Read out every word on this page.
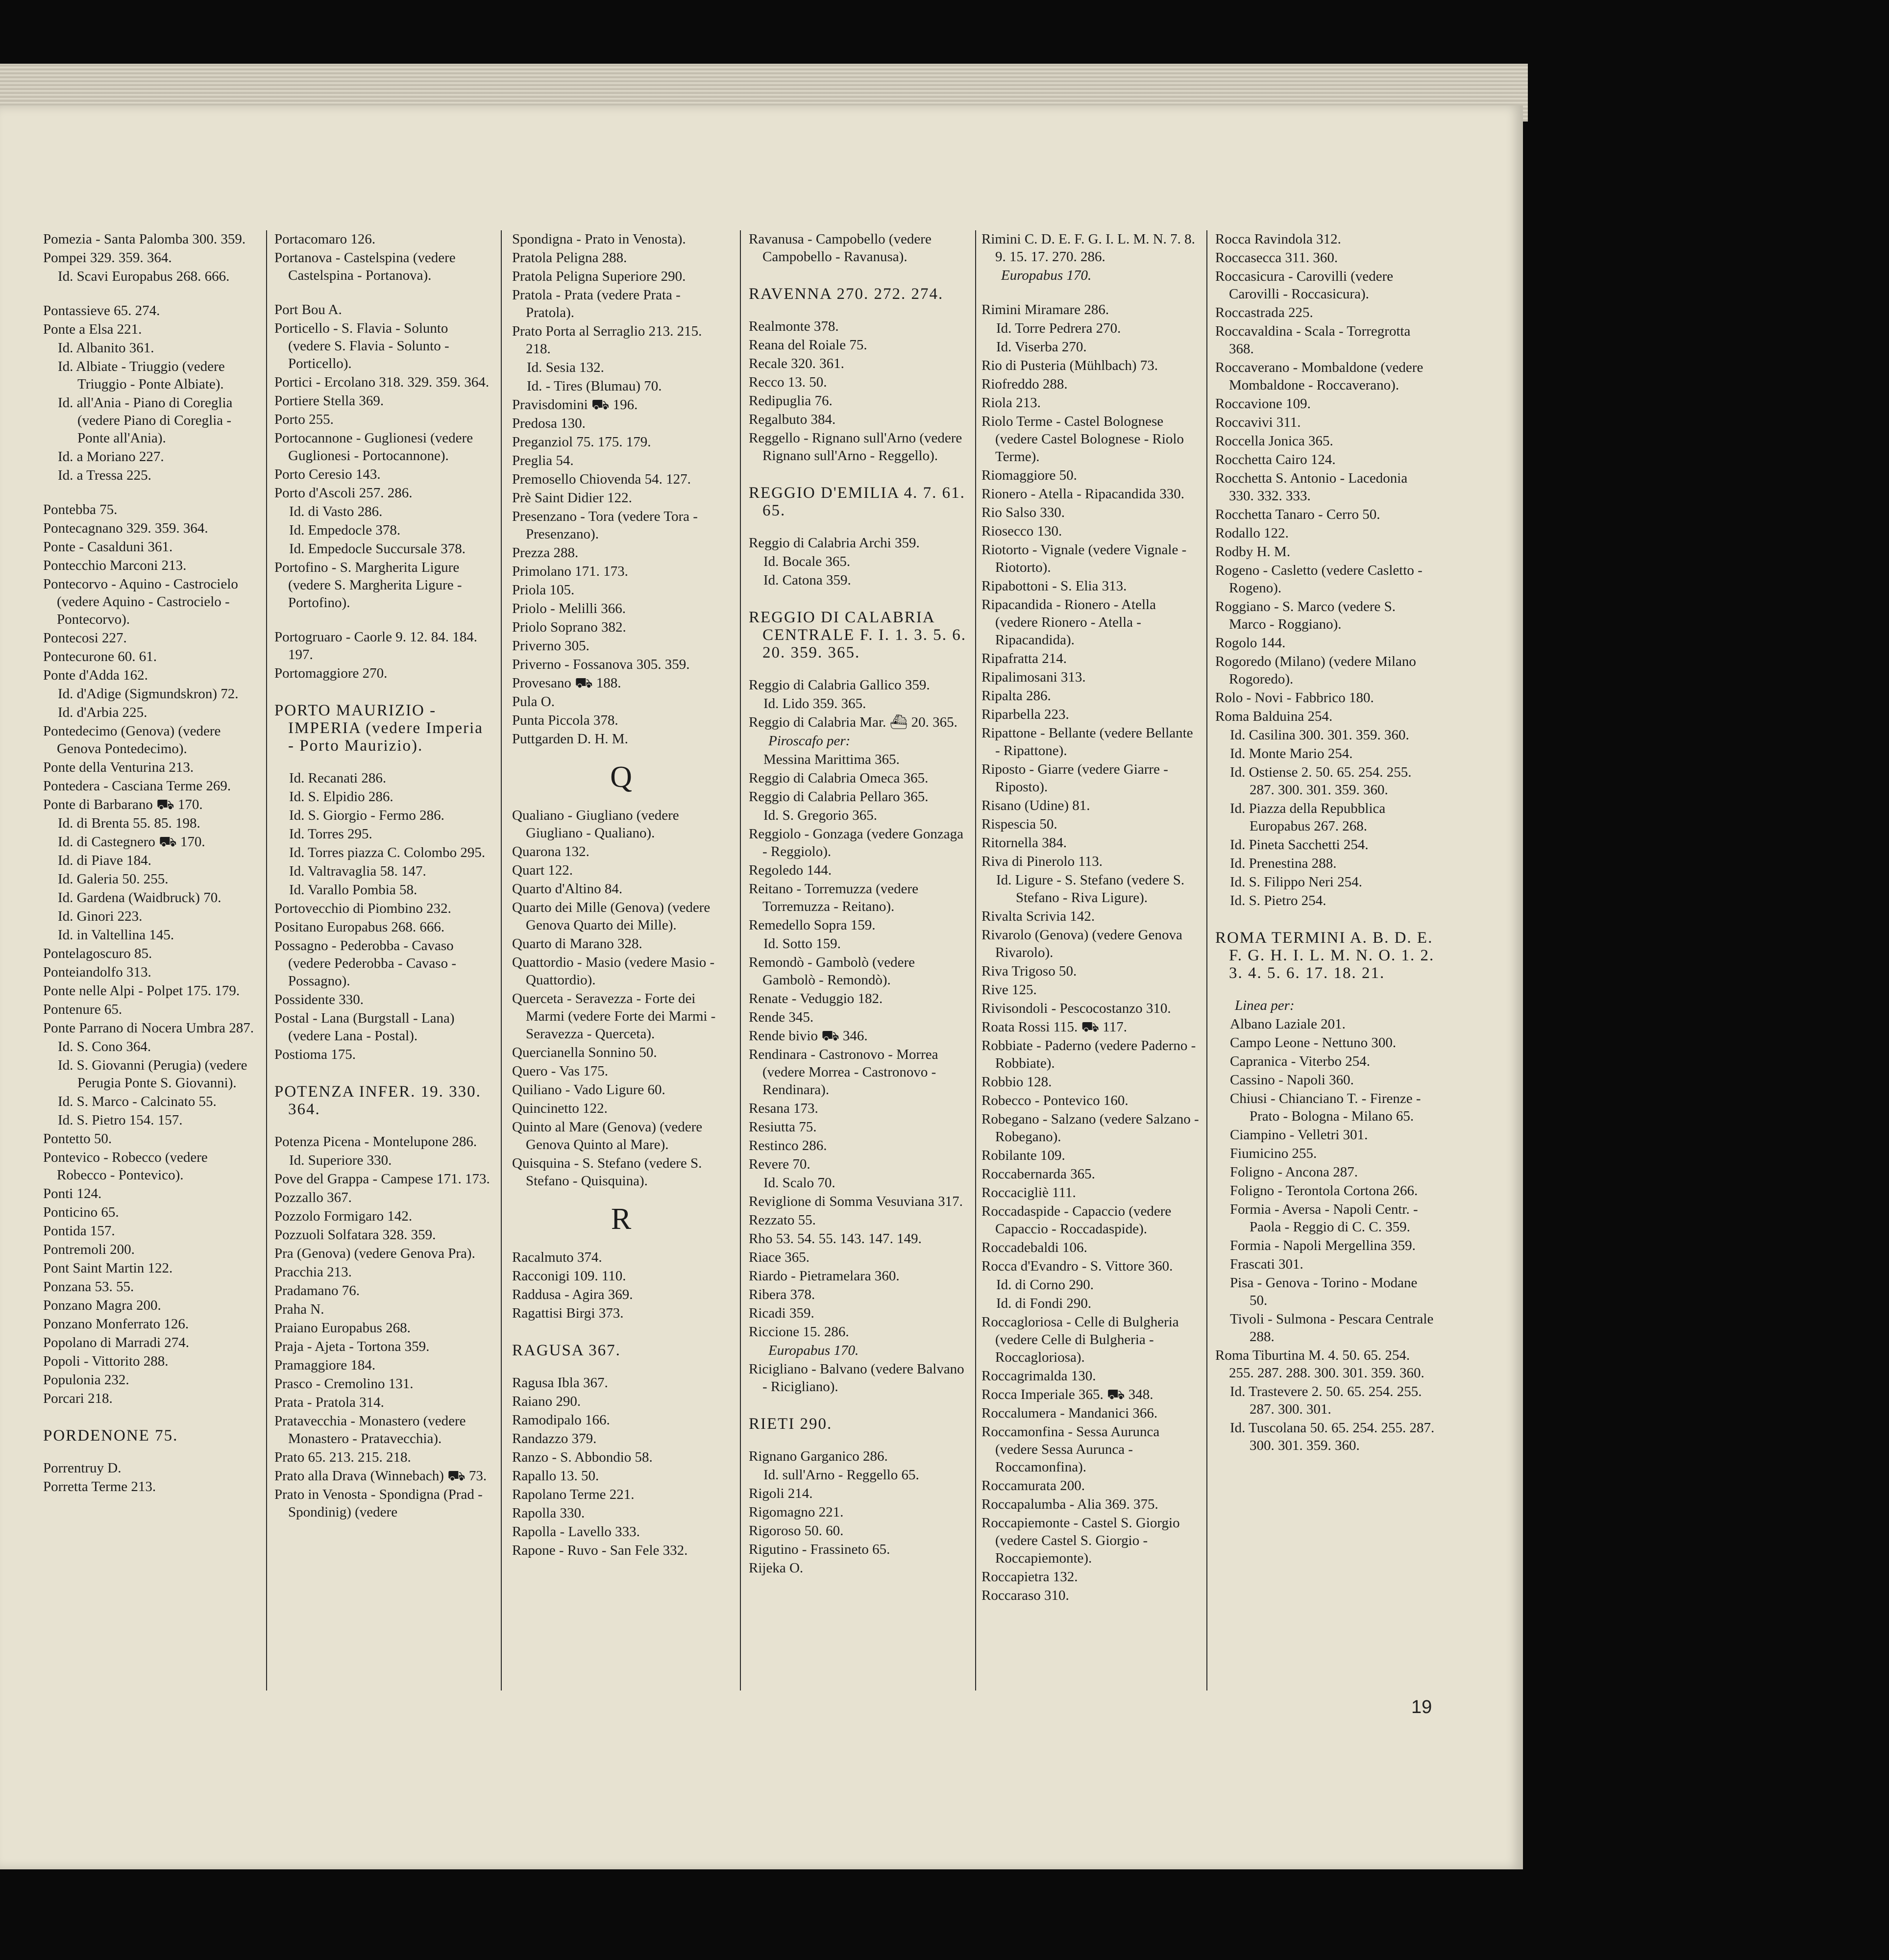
Pomezia - Santa Palomba 300. 359.

Pompei 329. 359. 364.

Id. Scavi Europabus 268. 666.

Pontassieve 65. 274.

Ponte a Elsa 221.

Id. Albanito 361.

Id. Albiate - Triuggio (vedere Triuggio - Ponte Albiate).

Id. all'Ania - Piano di Coreglia (vedere Piano di Coreglia - Ponte all'Ania).

Id. a Moriano 227.

Id. a Tressa 225.

Pontebba 75.

Pontecagnano 329. 359. 364.

Ponte - Casalduni 361.

Pontecchio Marconi 213.

Pontecorvo - Aquino - Castrocielo (vedere Aquino - Castrocielo - Pontecorvo).

Pontecosi 227.

Pontecurone 60. 61.

Ponte d'Adda 162.

Id. d'Adige (Sigmundskron) 72.

Id. d'Arbia 225.

Pontedecimo (Genova) (vedere Genova Pontedecimo).

Ponte della Venturina 213.

Pontedera - Casciana Terme 269.

Ponte di Barbarano ⛟ 170.

Id. di Brenta 55. 85. 198.

Id. di Castegnero ⛟ 170.

Id. di Piave 184.

Id. Galeria 50. 255.

Id. Gardena (Waidbruck) 70.

Id. Ginori 223.

Id. in Valtellina 145.

Pontelagoscuro 85.

Ponteiandolfo 313.

Ponte nelle Alpi - Polpet 175. 179.

Pontenure 65.

Ponte Parrano di Nocera Umbra 287.

Id. S. Cono 364.

Id. S. Giovanni (Perugia) (vedere Perugia Ponte S. Giovanni).

Id. S. Marco - Calcinato 55.

Id. S. Pietro 154. 157.

Pontetto 50.

Pontevico - Robecco (vedere Robecco - Pontevico).

Ponti 124.

Ponticino 65.

Pontida 157.

Pontremoli 200.

Pont Saint Martin 122.

Ponzana 53. 55.

Ponzano Magra 200.

Ponzano Monferrato 126.

Popolano di Marradi 274.

Popoli - Vittorito 288.

Populonia 232.

Porcari 218.

PORDENONE 75.

Porrentruy D.

Porretta Terme 213.

Portacomaro 126.

Portanova - Castelspina (vedere Castelspina - Portanova).

Port Bou A.

Porticello - S. Flavia - Solunto (vedere S. Flavia - Solunto - Porticello).

Portici - Ercolano 318. 329. 359. 364.

Portiere Stella 369.

Porto 255.

Portocannone - Guglionesi (vedere Guglionesi - Portocannone).

Porto Ceresio 143.

Porto d'Ascoli 257. 286.

Id. di Vasto 286.

Id. Empedocle 378.

Id. Empedocle Succursale 378.

Portofino - S. Margherita Ligure (vedere S. Margherita Ligure - Portofino).

Portogruaro - Caorle 9. 12. 84. 184. 197.

Portomaggiore 270.

PORTO MAURIZIO - IMPERIA (vedere Imperia - Porto Maurizio).

Id. Recanati 286.

Id. S. Elpidio 286.

Id. S. Giorgio - Fermo 286.

Id. Torres 295.

Id. Torres piazza C. Colombo 295.

Id. Valtravaglia 58. 147.

Id. Varallo Pombia 58.

Portovecchio di Piombino 232.

Positano Europabus 268. 666.

Possagno - Pederobba - Cavaso (vedere Pederobba - Cavaso - Possagno).

Possidente 330.

Postal - Lana (Burgstall - Lana) (vedere Lana - Postal).

Postioma 175.

POTENZA INFER. 19. 330. 364.

Potenza Picena - Montelupone 286.

Id. Superiore 330.

Pove del Grappa - Campese 171. 173.

Pozzallo 367.

Pozzolo Formigaro 142.

Pozzuoli Solfatara 328. 359.

Pra (Genova) (vedere Genova Pra).

Pracchia 213.

Pradamano 76.

Praha N.

Praiano Europabus 268.

Praja - Ajeta - Tortona 359.

Pramaggiore 184.

Prasco - Cremolino 131.

Prata - Pratola 314.

Pratavecchia - Monastero (vedere Monastero - Pratavecchia).

Prato 65. 213. 215. 218.

Prato alla Drava (Winnebach) ⛟ 73.

Prato in Venosta - Spondigna (Prad - Spondinig) (vedere

Spondigna - Prato in Venosta).

Pratola Peligna 288.

Pratola Peligna Superiore 290.

Pratola - Prata (vedere Prata - Pratola).

Prato Porta al Serraglio 213. 215. 218.

Id. Sesia 132.

Id. - Tires (Blumau) 70.

Pravisdomini ⛟ 196.

Predosa 130.

Preganziol 75. 175. 179.

Preglia 54.

Premosello Chiovenda 54. 127.

Prè Saint Didier 122.

Presenzano - Tora (vedere Tora - Presenzano).

Prezza 288.

Primolano 171. 173.

Priola 105.

Priolo - Melilli 366.

Priolo Soprano 382.

Priverno 305.

Priverno - Fossanova 305. 359.

Provesano ⛟ 188.

Pula O.

Punta Piccola 378.

Puttgarden D. H. M.

Q

Qualiano - Giugliano (vedere Giugliano - Qualiano).

Quarona 132.

Quart 122.

Quarto d'Altino 84.

Quarto dei Mille (Genova) (vedere Genova Quarto dei Mille).

Quarto di Marano 328.

Quattordio - Masio (vedere Masio - Quattordio).

Querceta - Seravezza - Forte dei Marmi (vedere Forte dei Marmi - Seravezza - Querceta).

Quercianella Sonnino 50.

Quero - Vas 175.

Quiliano - Vado Ligure 60.

Quincinetto 122.

Quinto al Mare (Genova) (vedere Genova Quinto al Mare).

Quisquina - S. Stefano (vedere S. Stefano - Quisquina).

R

Racalmuto 374.

Racconigi 109. 110.

Raddusa - Agira 369.

Ragattisi Birgi 373.

RAGUSA 367.

Ragusa Ibla 367.

Raiano 290.

Ramodipalo 166.

Randazzo 379.

Ranzo - S. Abbondio 58.

Rapallo 13. 50.

Rapolano Terme 221.

Rapolla 330.

Rapolla - Lavello 333.

Rapone - Ruvo - San Fele 332.

Ravanusa - Campobello (vedere Campobello - Ravanusa).

RAVENNA 270. 272. 274.

Realmonte 378.

Reana del Roiale 75.

Recale 320. 361.

Recco 13. 50.

Redipuglia 76.

Regalbuto 384.

Reggello - Rignano sull'Arno (vedere Rignano sull'Arno - Reggello).

REGGIO D'EMILIA 4. 7. 61. 65.

Reggio di Calabria Archi 359.

Id. Bocale 365.

Id. Catona 359.

REGGIO DI CALABRIA CENTRALE F. I. 1. 3. 5. 6. 20. 359. 365.

Reggio di Calabria Gallico 359.

Id. Lido 359. 365.

Reggio di Calabria Mar. ⛴ 20. 365.

Piroscafo per:

Messina Marittima 365.

Reggio di Calabria Omeca 365.

Reggio di Calabria Pellaro 365.

Id. S. Gregorio 365.

Reggiolo - Gonzaga (vedere Gonzaga - Reggiolo).

Regoledo 144.

Reitano - Torremuzza (vedere Torremuzza - Reitano).

Remedello Sopra 159.

Id. Sotto 159.

Remondò - Gambolò (vedere Gambolò - Remondò).

Renate - Veduggio 182.

Rende 345.

Rende bivio ⛟ 346.

Rendinara - Castronovo - Morrea (vedere Morrea - Castronovo - Rendinara).

Resana 173.

Resiutta 75.

Restinco 286.

Revere 70.

Id. Scalo 70.

Reviglione di Somma Vesuviana 317.

Rezzato 55.

Rho 53. 54. 55. 143. 147. 149.

Riace 365.

Riardo - Pietramelara 360.

Ribera 378.

Ricadi 359.

Riccione 15. 286.

Europabus 170.

Ricigliano - Balvano (vedere Balvano - Ricigliano).

RIETI 290.

Rignano Garganico 286.

Id. sull'Arno - Reggello 65.

Rigoli 214.

Rigomagno 221.

Rigoroso 50. 60.

Rigutino - Frassineto 65.

Rijeka O.

Rimini C. D. E. F. G. I. L. M. N. 7. 8. 9. 15. 17. 270. 286.

Europabus 170.

Rimini Miramare 286.

Id. Torre Pedrera 270.

Id. Viserba 270.

Rio di Pusteria (Mühlbach) 73.

Riofreddo 288.

Riola 213.

Riolo Terme - Castel Bolognese (vedere Castel Bolognese - Riolo Terme).

Riomaggiore 50.

Rionero - Atella - Ripacandida 330.

Rio Salso 330.

Riosecco 130.

Riotorto - Vignale (vedere Vignale - Riotorto).

Ripabottoni - S. Elia 313.

Ripacandida - Rionero - Atella (vedere Rionero - Atella - Ripacandida).

Ripafratta 214.

Ripalimosani 313.

Ripalta 286.

Riparbella 223.

Ripattone - Bellante (vedere Bellante - Ripattone).

Riposto - Giarre (vedere Giarre - Riposto).

Risano (Udine) 81.

Rispescia 50.

Ritornella 384.

Riva di Pinerolo 113.

Id. Ligure - S. Stefano (vedere S. Stefano - Riva Ligure).

Rivalta Scrivia 142.

Rivarolo (Genova) (vedere Genova Rivarolo).

Riva Trigoso 50.

Rive 125.

Rivisondoli - Pescocostanzo 310.

Roata Rossi 115. ⛟ 117.

Robbiate - Paderno (vedere Paderno - Robbiate).

Robbio 128.

Robecco - Pontevico 160.

Robegano - Salzano (vedere Salzano - Robegano).

Robilante 109.

Roccabernarda 365.

Roccacigliè 111.

Roccadaspide - Capaccio (vedere Capaccio - Roccadaspide).

Roccadebaldi 106.

Rocca d'Evandro - S. Vittore 360.

Id. di Corno 290.

Id. di Fondi 290.

Roccagloriosa - Celle di Bulgheria (vedere Celle di Bulgheria - Roccagloriosa).

Roccagrimalda 130.

Rocca Imperiale 365. ⛟ 348.

Roccalumera - Mandanici 366.

Roccamonfina - Sessa Aurunca (vedere Sessa Aurunca - Roccamonfina).

Roccamurata 200.

Roccapalumba - Alia 369. 375.

Roccapiemonte - Castel S. Giorgio (vedere Castel S. Giorgio - Roccapiemonte).

Roccapietra 132.

Roccaraso 310.

Rocca Ravindola 312.

Roccasecca 311. 360.

Roccasicura - Carovilli (vedere Carovilli - Roccasicura).

Roccastrada 225.

Roccavaldina - Scala - Torregrotta 368.

Roccaverano - Mombaldone (vedere Mombaldone - Roccaverano).

Roccavione 109.

Roccavivi 311.

Roccella Jonica 365.

Rocchetta Cairo 124.

Rocchetta S. Antonio - Lacedonia 330. 332. 333.

Rocchetta Tanaro - Cerro 50.

Rodallo 122.

Rodby H. M.

Rogeno - Casletto (vedere Casletto - Rogeno).

Roggiano - S. Marco (vedere S. Marco - Roggiano).

Rogolo 144.

Rogoredo (Milano) (vedere Milano Rogoredo).

Rolo - Novi - Fabbrico 180.

Roma Balduina 254.

Id. Casilina 300. 301. 359. 360.

Id. Monte Mario 254.

Id. Ostiense 2. 50. 65. 254. 255. 287. 300. 301. 359. 360.

Id. Piazza della Repubblica Europabus 267. 268.

Id. Pineta Sacchetti 254.

Id. Prenestina 288.

Id. S. Filippo Neri 254.

Id. S. Pietro 254.

ROMA TERMINI A. B. D. E. F. G. H. I. L. M. N. O. 1. 2. 3. 4. 5. 6. 17. 18. 21.

Linea per:

Albano Laziale 201.

Campo Leone - Nettuno 300.

Capranica - Viterbo 254.

Cassino - Napoli 360.

Chiusi - Chianciano T. - Firenze - Prato - Bologna - Milano 65.

Ciampino - Velletri 301.

Fiumicino 255.

Foligno - Ancona 287.

Foligno - Terontola Cortona 266.

Formia - Aversa - Napoli Centr. - Paola - Reggio di C. C. 359.

Formia - Napoli Mergellina 359.

Frascati 301.

Pisa - Genova - Torino - Modane 50.

Tivoli - Sulmona - Pescara Centrale 288.

Roma Tiburtina M. 4. 50. 65. 254. 255. 287. 288. 300. 301. 359. 360.

Id. Trastevere 2. 50. 65. 254. 255. 287. 300. 301.

Id. Tuscolana 50. 65. 254. 255. 287. 300. 301. 359. 360.

19
